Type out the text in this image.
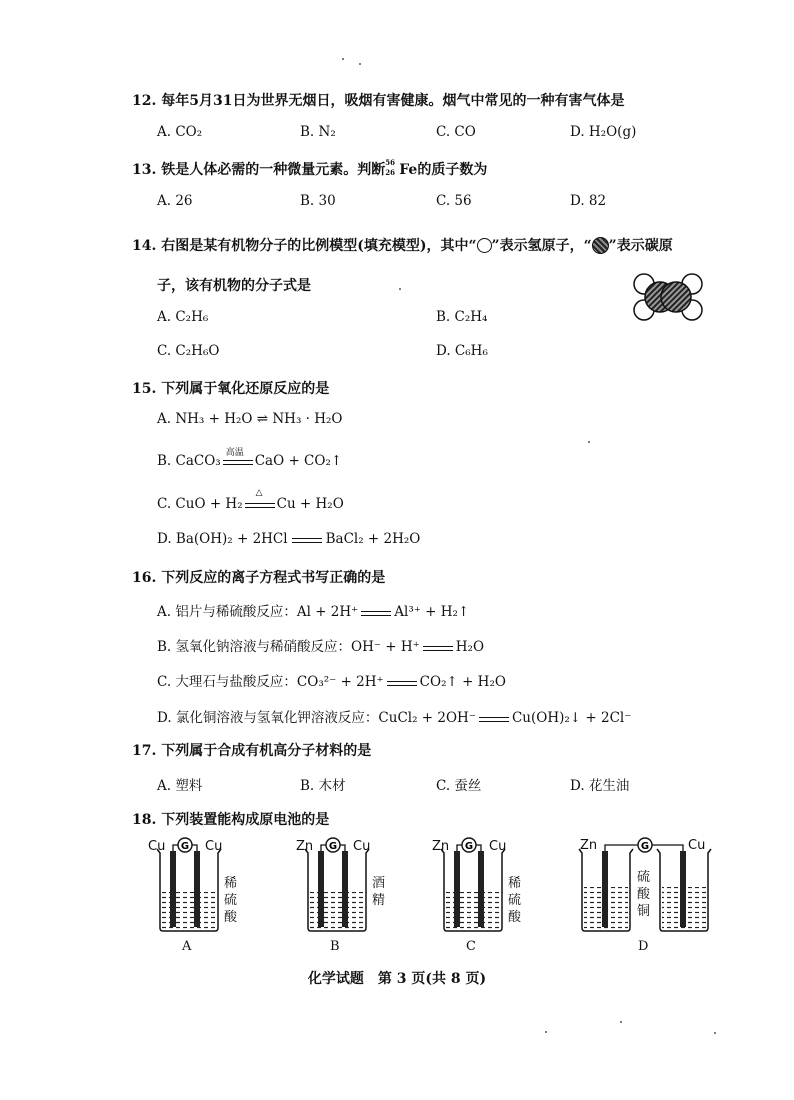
12. 每年5月31日为世界无烟日，吸烟有害健康。烟气中常见的一种有害气体是
A. CO₂	B. N₂	C. CO	D. H₂O(g)
13. 铁是人体必需的一种微量元素。判断 56
26 Fe的质子数为
A. 26	B. 30	C. 56	D. 82
14. 右图是某有机物分子的比例模型(填充模型)，其中“ ”表示氢原子，“ ”表示碳原
子，该有机物的分子式是
A. C₂H₆	B. C₂H₄
C. C₂H₆O	D. C₆H₆
15. 下列属于氧化还原反应的是
A. NH₃ + H₂O ⇌ NH₃ · H₂O
B. CaCO₃
高温
CaO + CO₂↑
C. CuO + H₂
△
Cu + H₂O
D. Ba(OH)₂ + 2HCl	BaCl₂ + 2H₂O
16. 下列反应的离子方程式书写正确的是
A. 铝片与稀硫酸反应：Al + 2H⁺	Al³⁺ + H₂↑
B. 氢氧化钠溶液与稀硝酸反应：OH⁻ + H⁺	H₂O
C. 大理石与盐酸反应：CO₃²⁻ + 2H⁺	CO₂↑ + H₂O
D. 氯化铜溶液与氢氧化钾溶液反应：CuCl₂ + 2OH⁻	Cu(OH)₂↓ + 2Cl⁻
17. 下列属于合成有机高分子材料的是
A. 塑料	B. 木材	C. 蚕丝	D. 花生油
18. 下列装置能构成原电池的是
G
Cu	Cu
稀
硫
酸
A
G
Zn	Cu
酒
精
B
G
Zn	Cu
稀
硫
酸
C
G
Zn	Cu
硫
酸
铜
D
化学试题　第 3 页(共 8 页)
